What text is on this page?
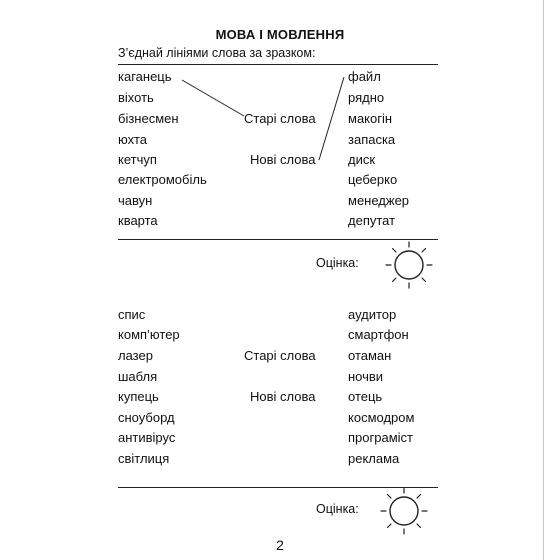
МОВА І МОВЛЕННЯ
З’єднай лініями слова за зразком:
каганець
віхоть
бізнесмен
юхта
кетчуп
електромобіль
чавун
кварта
Старі слова
Нові слова
файл
рядно
макогін
запаска
диск
цеберко
менеджер
депутат
Оцінка:
спис
комп’ютер
лазер
шабля
купець
сноуборд
антивірус
світлиця
Старі слова
Нові слова
аудитор
смартфон
отаман
ночви
отець
космодром
програміст
реклама
Оцінка:
2
